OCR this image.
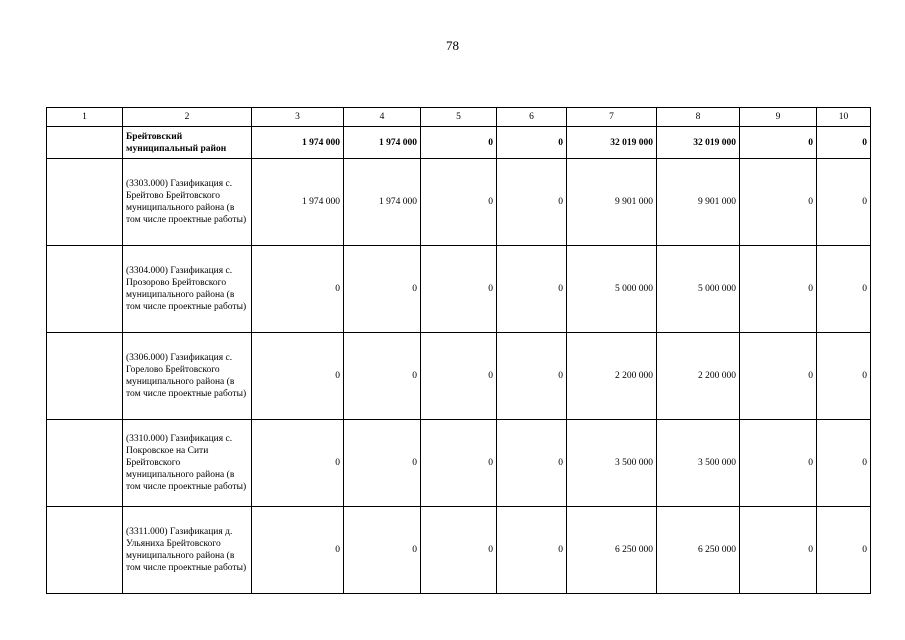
78
1	2	3	4	5	6	7	8	9	10

	Брейтовский муниципальный район	1 974 000	1 974 000	0	0	32 019 000	32 019 000	0	0

	(3303.000) Газификация с. Брейтово Брейтовского муниципального района (в том числе проектные работы)	1 974 000	1 974 000	0	0	9 901 000	9 901 000	0	0

	(3304.000) Газификация с. Прозорово Брейтовского муниципального района (в том числе проектные работы)	0	0	0	0	5 000 000	5 000 000	0	0

	(3306.000) Газификация с. Горелово Брейтовского муниципального района (в том числе проектные работы)	0	0	0	0	2 200 000	2 200 000	0	0

	(3310.000) Газификация с. Покровское на Сити Брейтовского муниципального района (в том числе проектные работы)	0	0	0	0	3 500 000	3 500 000	0	0

	(3311.000) Газификация д. Ульяниха Брейтовского муниципального района (в том числе проектные работы)	0	0	0	0	6 250 000	6 250 000	0	0
